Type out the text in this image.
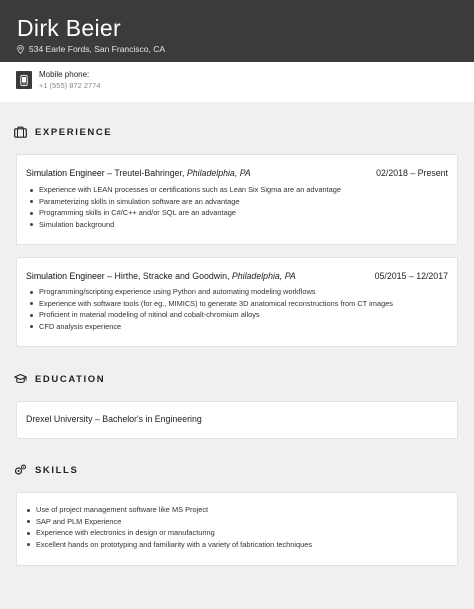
Dirk Beier
534 Earle Fords, San Francisco, CA
Mobile phone:
+1 (555) 872 2774
EXPERIENCE
Simulation Engineer – Treutel-Bahringer, Philadelphia, PA	02/2018 – Present
Experience with LEAN processes or certifications such as Lean Six Sigma are an advantage
Parameterizing skills in simulation software are an advantage
Programming skills in C#/C++ and/or SQL are an advantage
Simulation background
Simulation Engineer – Hirthe, Stracke and Goodwin, Philadelphia, PA	05/2015 – 12/2017
Programming/scripting experience using Python and automating modeling workflows
Experience with software tools (for eg., MIMICS) to generate 3D anatomical reconstructions from CT images
Proficient in material modeling of nitinol and cobalt-chromium alloys
CFD analysis experience
EDUCATION
Drexel University – Bachelor's in Engineering
SKILLS
Use of project management software like MS Project
SAP and PLM Experience
Experience with electronics in design or manufacturing
Excellent hands on prototyping and familiarity with a variety of fabrication techniques
